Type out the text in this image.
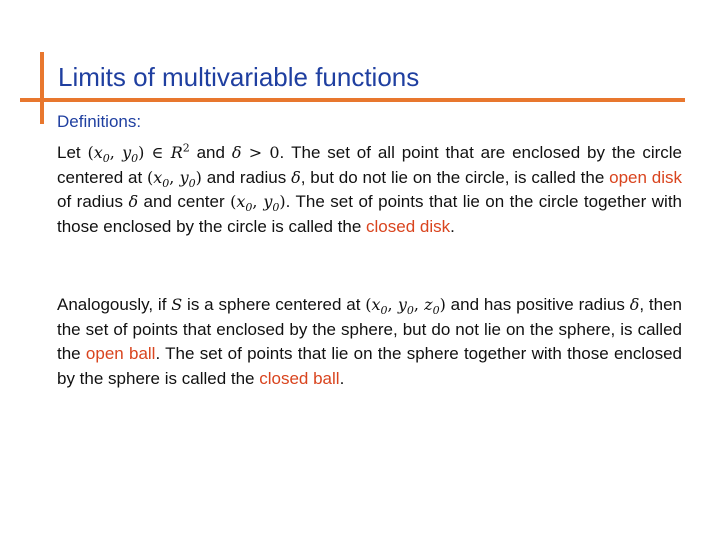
Limits of multivariable functions
Definitions:
Let ($x_0$, $y_0$) ∈ $R^2$ and δ > 0. The set of all point that are enclosed by the circle centered at ($x_0$, $y_0$) and radius δ, but do not lie on the circle, is called the open disk of radius δ and center ($x_0$, $y_0$). The set of points that lie on the circle together with those enclosed by the circle is called the closed disk.
Analogously, if S is a sphere centered at ($x_0$, $y_0$, $z_0$) and has positive radius δ, then the set of points that enclosed by the sphere, but do not lie on the sphere, is called the open ball. The set of points that lie on the sphere together with those enclosed by the sphere is called the closed ball.
